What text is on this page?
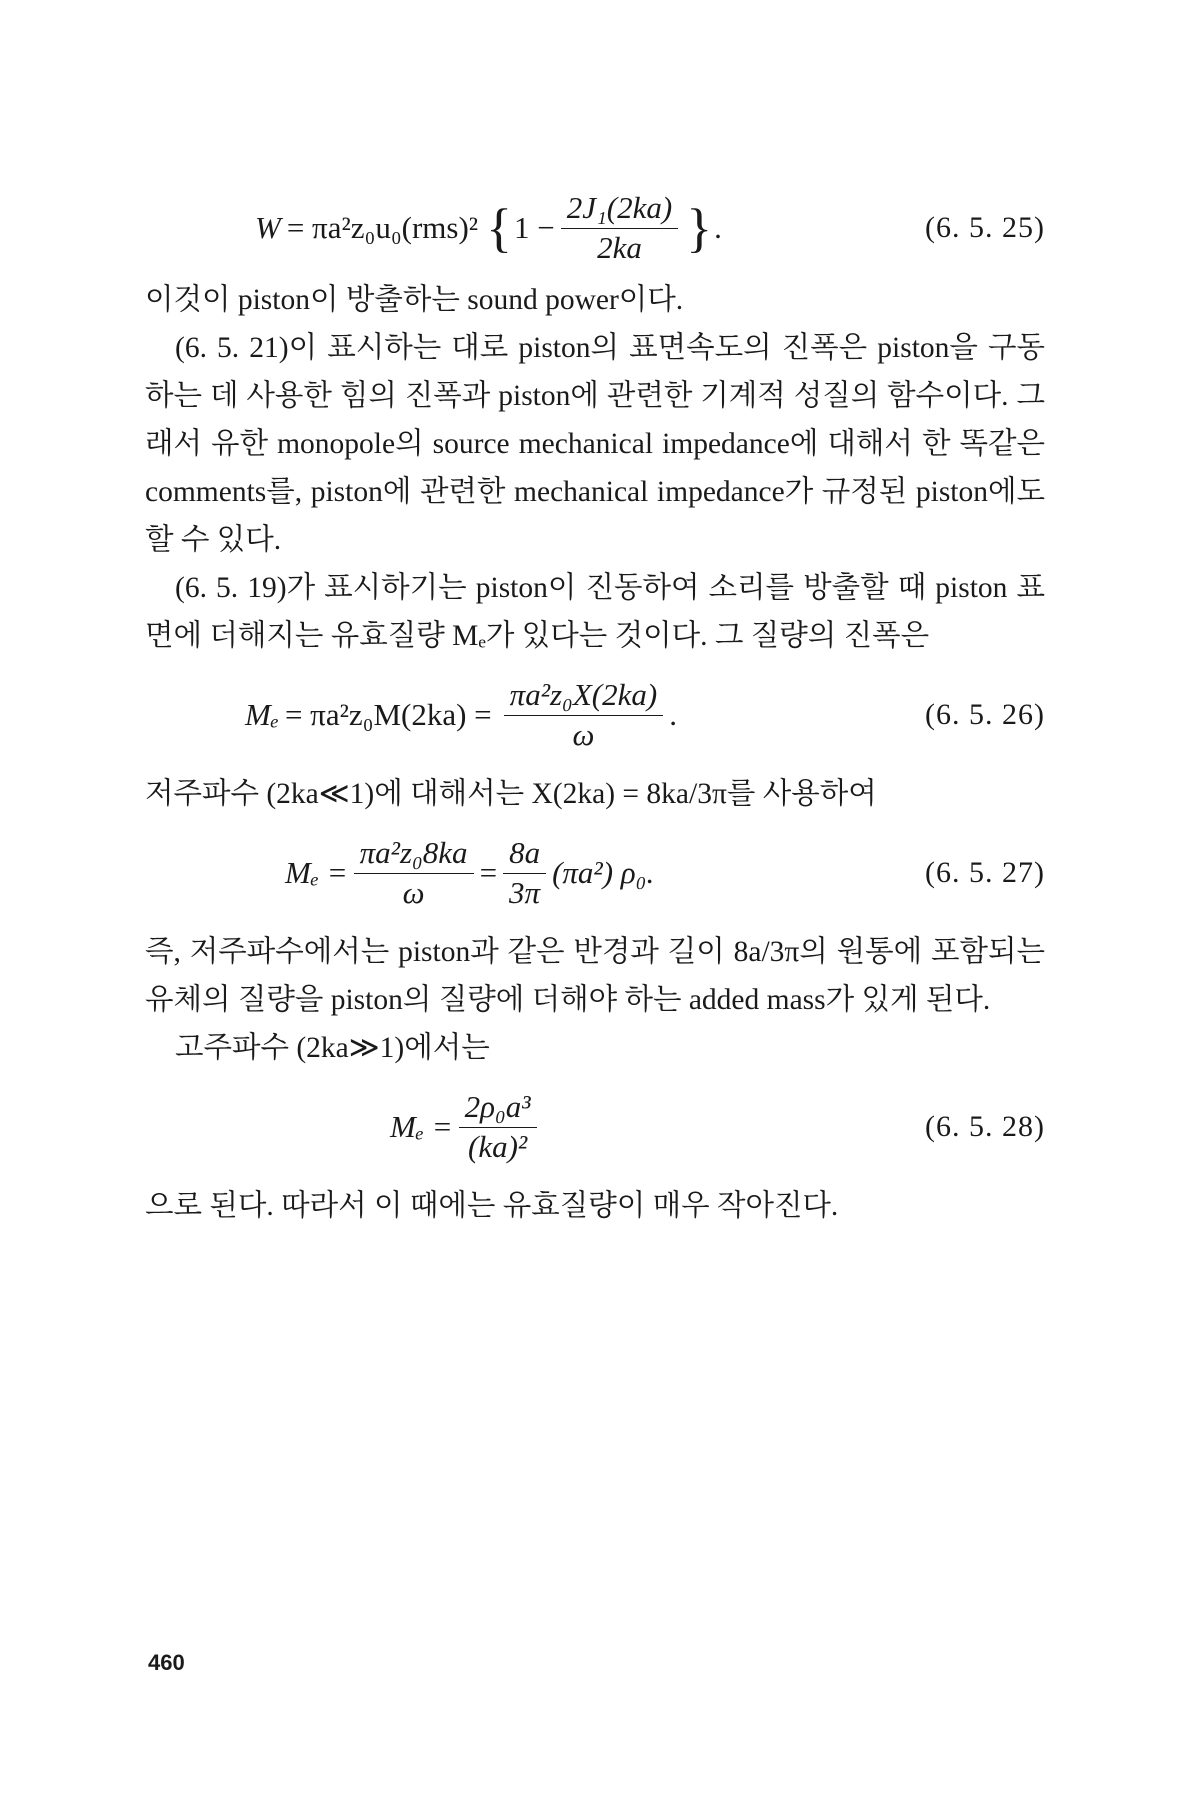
W = πa²z₀u₀(rms)² { $1 - \frac{\text{2J₁(2ka)}}{2ka}$ } .	(6. 5. 25)

이것이 piston이 방출하는 sound power이다.

(6. 5. 21)이 표시하는 대로 piston의 표면속도의 진폭은 piston을 구동하는 데 사용한 힘의 진폭과 piston에 관련한 기계적 성질의 함수이다. 그래서 유한 monopole의 source mechanical impedance에 대해서 한 똑같은 comments를, piston에 관련한 mechanical impedance가 규정된 piston에도 할 수 있다.

(6. 5. 19)가 표시하기는 piston이 진동하여 소리를 방출할 때 piston 표면에 더해지는 유효질량 Mₑ가 있다는 것이다. 그 질량의 진폭은

$M_e = \pi a^2z_0M(2ka) = \frac{\text{πa²z₀X(2ka)}}{\omega}$ .	(6. 5. 26)

저주파수 (2ka≪1)에 대해서는 X(2ka) = 8ka/3π를 사용하여

$M_e = \frac{\text{πa²z₀8ka}}{\omega} = \frac{8a}{3\pi} (\pi a^2)$ ρ₀.	(6. 5. 27)

즉, 저주파수에서는 piston과 같은 반경과 길이 8a/3π의 원통에 포함되는 유체의 질량을 piston의 질량에 더해야 하는 added mass가 있게 된다.

고주파수 (2ka≫1)에서는

$M_e = \frac{\text{2ρ₀a³}}{\text{(ka)²}}$	(6. 5. 28)

으로 된다. 따라서 이 때에는 유효질량이 매우 작아진다.

460
